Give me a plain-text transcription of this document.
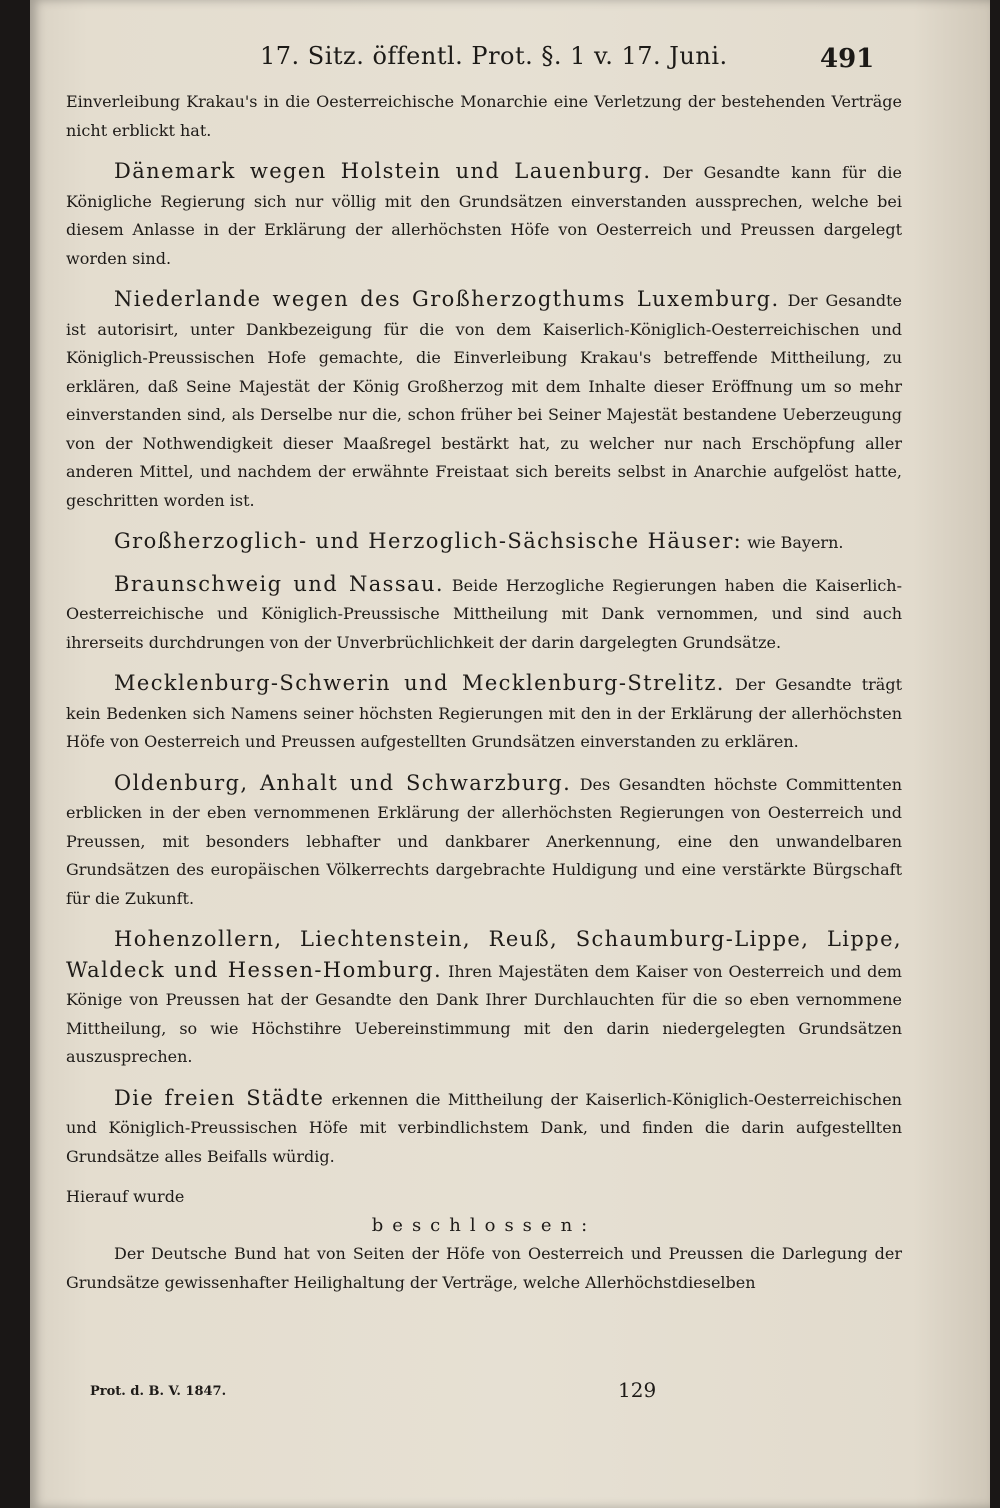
17. Sitz. öffentl. Prot. §. 1 v. 17. Juni.	491

Einverleibung Krakau's in die Oesterreichische Monarchie eine Verletzung der bestehenden Verträge nicht erblickt hat.

Dänemark wegen Holstein und Lauenburg. Der Gesandte kann für die Königliche Regierung sich nur völlig mit den Grundsätzen einverstanden aussprechen, welche bei diesem Anlasse in der Erklärung der allerhöchsten Höfe von Oesterreich und Preussen dargelegt worden sind.

Niederlande wegen des Großherzogthums Luxemburg. Der Gesandte ist autorisirt, unter Dankbezeigung für die von dem Kaiserlich-Königlich-Oesterreichischen und Königlich-Preussischen Hofe gemachte, die Einverleibung Krakau's betreffende Mittheilung, zu erklären, daß Seine Majestät der König Großherzog mit dem Inhalte dieser Eröffnung um so mehr einverstanden sind, als Derselbe nur die, schon früher bei Seiner Majestät bestandene Ueberzeugung von der Nothwendigkeit dieser Maaßregel bestärkt hat, zu welcher nur nach Erschöpfung aller anderen Mittel, und nachdem der erwähnte Freistaat sich bereits selbst in Anarchie aufgelöst hatte, geschritten worden ist.

Großherzoglich- und Herzoglich-Sächsische Häuser: wie Bayern.

Braunschweig und Nassau. Beide Herzogliche Regierungen haben die Kaiserlich-Oesterreichische und Königlich-Preussische Mittheilung mit Dank vernommen, und sind auch ihrerseits durchdrungen von der Unverbrüchlichkeit der darin dargelegten Grundsätze.

Mecklenburg-Schwerin und Mecklenburg-Strelitz. Der Gesandte trägt kein Bedenken sich Namens seiner höchsten Regierungen mit den in der Erklärung der allerhöchsten Höfe von Oesterreich und Preussen aufgestellten Grundsätzen einverstanden zu erklären.

Oldenburg, Anhalt und Schwarzburg. Des Gesandten höchste Committenten erblicken in der eben vernommenen Erklärung der allerhöchsten Regierungen von Oesterreich und Preussen, mit besonders lebhafter und dankbarer Anerkennung, eine den unwandelbaren Grundsätzen des europäischen Völkerrechts dargebrachte Huldigung und eine verstärkte Bürgschaft für die Zukunft.

Hohenzollern, Liechtenstein, Reuß, Schaumburg-Lippe, Lippe, Waldeck und Hessen-Homburg. Ihren Majestäten dem Kaiser von Oesterreich und dem Könige von Preussen hat der Gesandte den Dank Ihrer Durchlauchten für die so eben vernommene Mittheilung, so wie Höchstihre Uebereinstimmung mit den darin niedergelegten Grundsätzen auszusprechen.

Die freien Städte erkennen die Mittheilung der Kaiserlich-Königlich-Oesterreichischen und Königlich-Preussischen Höfe mit verbindlichstem Dank, und finden die darin aufgestellten Grundsätze alles Beifalls würdig.

Hierauf wurde

beschlossen:

Der Deutsche Bund hat von Seiten der Höfe von Oesterreich und Preussen die Darlegung der Grundsätze gewissenhafter Heilighaltung der Verträge, welche Allerhöchstdieselben

Prot. d. B. V. 1847.	129
